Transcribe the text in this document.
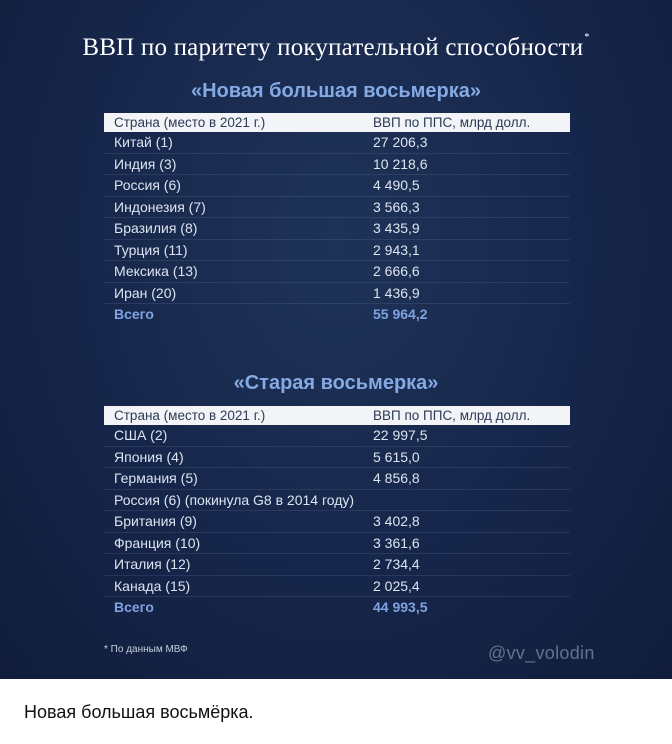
ВВП по паритету покупательной способности*
«Новая большая восьмерка»
Страна (место в 2021 г.)	ВВП по ППС, млрд долл.
Китай (1)	27 206,3
Индия (3)	10 218,6
Россия (6)	4 490,5
Индонезия (7)	3 566,3
Бразилия (8)	3 435,9
Турция (11)	2 943,1
Мексика (13)	2 666,6
Иран (20)	1 436,9
Всего	55 964,2
«Старая восьмерка»
Страна (место в 2021 г.)	ВВП по ППС, млрд долл.
США (2)	22 997,5
Япония (4)	5 615,0
Германия (5)	4 856,8
Россия (6) (покинула G8 в 2014 году)
Британия (9)	3 402,8
Франция (10)	3 361,6
Италия (12)	2 734,4
Канада (15)	2 025,4
Всего	44 993,5
* По данным МВФ	@vv_volodin
Новая большая восьмёрка.
